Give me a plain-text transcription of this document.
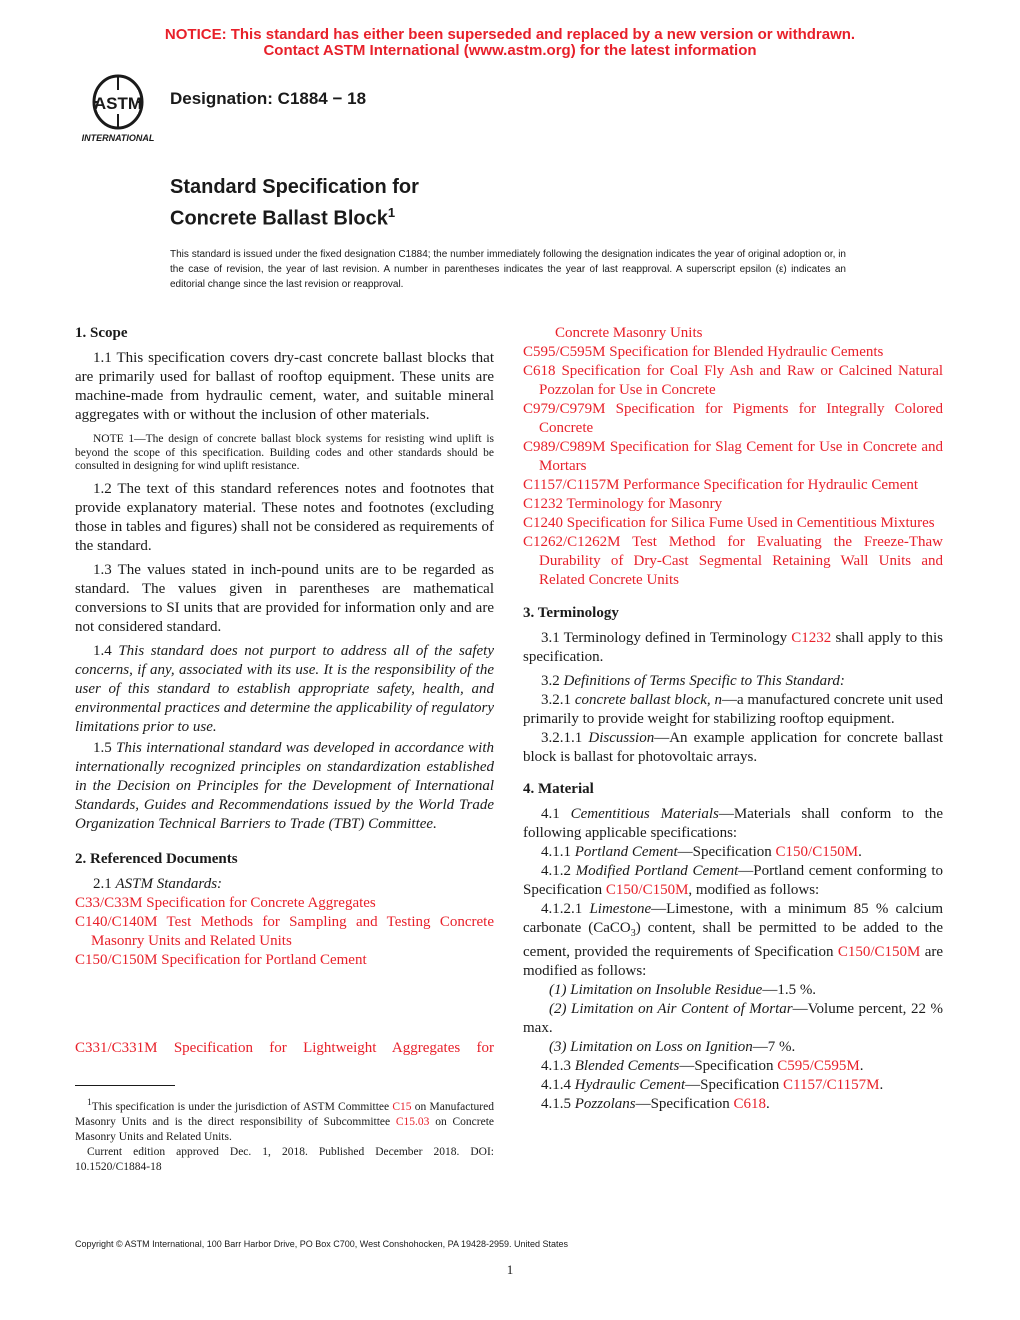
NOTICE: This standard has either been superseded and replaced by a new version or withdrawn.
Contact ASTM International (www.astm.org) for the latest information
ASTM
INTERNATIONAL
Designation: C1884 − 18
Standard Specification for
Concrete Ballast Block$^1$
This standard is issued under the fixed designation C1884; the number immediately following the designation indicates the year of original adoption or, in the case of revision, the year of last revision. A number in parentheses indicates the year of last reapproval. A superscript epsilon (ε) indicates an editorial change since the last revision or reapproval.

1. Scope

1.1 This specification covers dry-cast concrete ballast blocks that are primarily used for ballast of rooftop equipment. These units are machine-made from hydraulic cement, water, and suitable mineral aggregates with or without the inclusion of other materials.

NOTE 1—The design of concrete ballast block systems for resisting wind uplift is beyond the scope of this specification. Building codes and other standards should be consulted in designing for wind uplift resistance.

1.2 The text of this standard references notes and footnotes that provide explanatory material. These notes and footnotes (excluding those in tables and figures) shall not be considered as requirements of the standard.

1.3 The values stated in inch-pound units are to be regarded as standard. The values given in parentheses are mathematical conversions to SI units that are provided for information only and are not considered standard.

1.4 This standard does not purport to address all of the safety concerns, if any, associated with its use. It is the responsibility of the user of this standard to establish appropriate safety, health, and environmental practices and determine the applicability of regulatory limitations prior to use.

1.5 This international standard was developed in accordance with internationally recognized principles on standardization established in the Decision on Principles for the Development of International Standards, Guides and Recommendations issued by the World Trade Organization Technical Barriers to Trade (TBT) Committee.

2. Referenced Documents

2.1 ASTM Standards:

C33/C33M Specification for Concrete Aggregates

C140/C140M Test Methods for Sampling and Testing Concrete Masonry Units and Related Units

C150/C150M Specification for Portland Cement

C331/C331M Specification for Lightweight Aggregates for

$^1$This specification is under the jurisdiction of ASTM Committee C15 on Manufactured Masonry Units and is the direct responsibility of Subcommittee C15.03 on Concrete Masonry Units and Related Units.

Current edition approved Dec. 1, 2018. Published December 2018. DOI: 10.1520/C1884-18

Concrete Masonry Units

C595/C595M Specification for Blended Hydraulic Cements

C618 Specification for Coal Fly Ash and Raw or Calcined Natural Pozzolan for Use in Concrete

C979/C979M Specification for Pigments for Integrally Colored Concrete

C989/C989M Specification for Slag Cement for Use in Concrete and Mortars

C1157/C1157M Performance Specification for Hydraulic Cement

C1232 Terminology for Masonry

C1240 Specification for Silica Fume Used in Cementitious Mixtures

C1262/C1262M Test Method for Evaluating the Freeze-Thaw Durability of Dry-Cast Segmental Retaining Wall Units and Related Concrete Units

3. Terminology

3.1 Terminology defined in Terminology C1232 shall apply to this specification.

3.2 Definitions of Terms Specific to This Standard:

3.2.1 concrete ballast block, n—a manufactured concrete unit used primarily to provide weight for stabilizing rooftop equipment.

3.2.1.1 Discussion—An example application for concrete ballast block is ballast for photovoltaic arrays.

4. Material

4.1 Cementitious Materials—Materials shall conform to the following applicable specifications:

4.1.1 Portland Cement—Specification C150/C150M.

4.1.2 Modified Portland Cement—Portland cement conforming to Specification C150/C150M, modified as follows:

4.1.2.1 Limestone—Limestone, with a minimum 85 % calcium carbonate (CaCO$_3$) content, shall be permitted to be added to the cement, provided the requirements of Specification C150/C150M are modified as follows:

(1) Limitation on Insoluble Residue—1.5 %.

(2) Limitation on Air Content of Mortar—Volume percent, 22 % max.

(3) Limitation on Loss on Ignition—7 %.

4.1.3 Blended Cements—Specification C595/C595M.

4.1.4 Hydraulic Cement—Specification C1157/C1157M.

4.1.5 Pozzolans—Specification C618.

Copyright © ASTM International, 100 Barr Harbor Drive, PO Box C700, West Conshohocken, PA 19428-2959. United States
1
